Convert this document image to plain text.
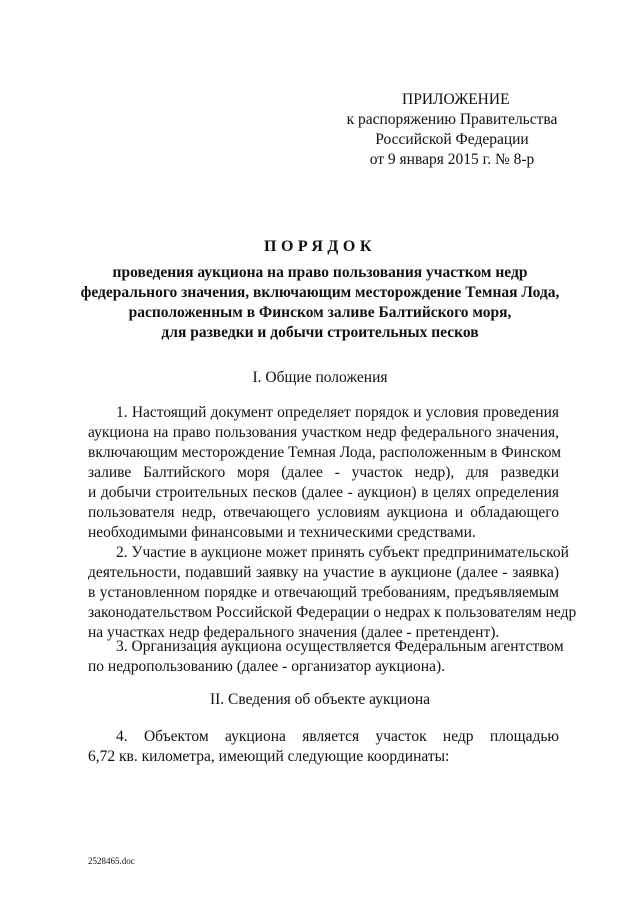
ПРИЛОЖЕНИЕ
к распоряжению Правительства
Российской Федерации
от 9 января 2015 г. № 8-р
ПОРЯДОК
проведения аукциона на право пользования участком недр
федерального значения, включающим месторождение Темная Лода,
расположенным в Финском заливе Балтийского моря,
для разведки и добычи строительных песков
I. Общие положения
1. Настоящий документ определяет порядок и условия проведения
аукциона на право пользования участком недр федерального значения,
включающим месторождение Темная Лода, расположенным в Финском
заливе Балтийского моря (далее - участок недр), для разведки
и добычи строительных песков (далее - аукцион) в целях определения
пользователя недр, отвечающего условиям аукциона и обладающего
необходимыми финансовыми и техническими средствами.
2. Участие в аукционе может принять субъект предпринимательской
деятельности, подавший заявку на участие в аукционе (далее - заявка)
в установленном порядке и отвечающий требованиям, предъявляемым
законодательством Российской Федерации о недрах к пользователям недр
на участках недр федерального значения (далее - претендент).
3. Организация аукциона осуществляется Федеральным агентством
по недропользованию (далее - организатор аукциона).
II. Сведения об объекте аукциона
4. Объектом аукциона является участок недр площадью
6,72 кв. километра, имеющий следующие координаты:
2528465.doc
